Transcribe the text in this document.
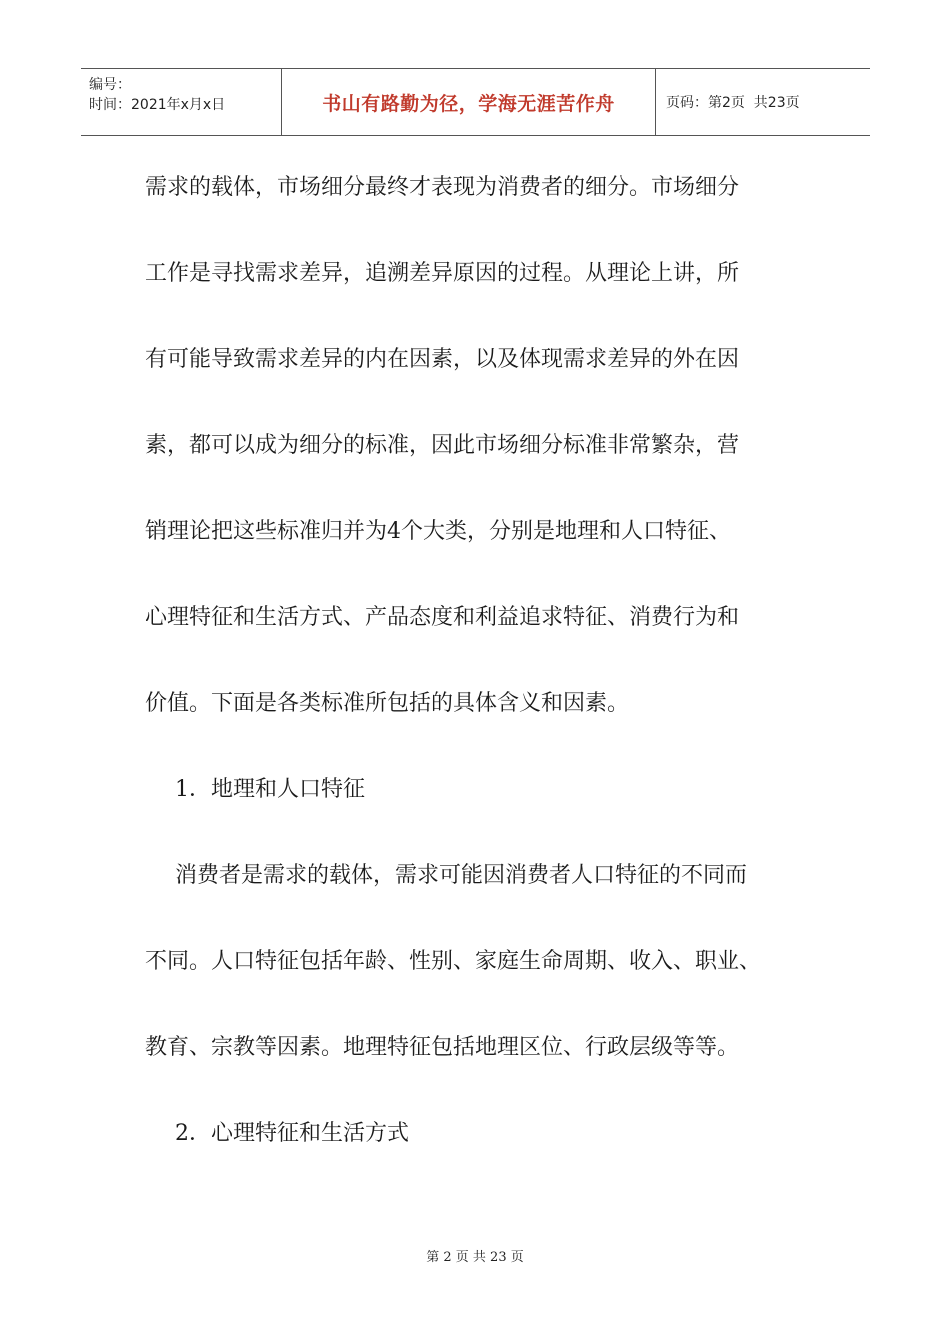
编号：
时间：2021年x月x日	书山有路勤为径，学海无涯苦作舟	页码：第2页  共23页

需求的载体，市场细分最终才表现为消费者的细分。市场细分

工作是寻找需求差异，追溯差异原因的过程。从理论上讲，所

有可能导致需求差异的内在因素，以及体现需求差异的外在因

素，都可以成为细分的标准，因此市场细分标准非常繁杂，营

销理论把这些标准归并为4个大类，分别是地理和人口特征、

心理特征和生活方式、产品态度和利益追求特征、消费行为和

价值。下面是各类标准所包括的具体含义和因素。

1．地理和人口特征

消费者是需求的载体，需求可能因消费者人口特征的不同而

不同。人口特征包括年龄、性别、家庭生命周期、收入、职业、

教育、宗教等因素。地理特征包括地理区位、行政层级等等。

2．心理特征和生活方式

第 2 页 共 23 页
